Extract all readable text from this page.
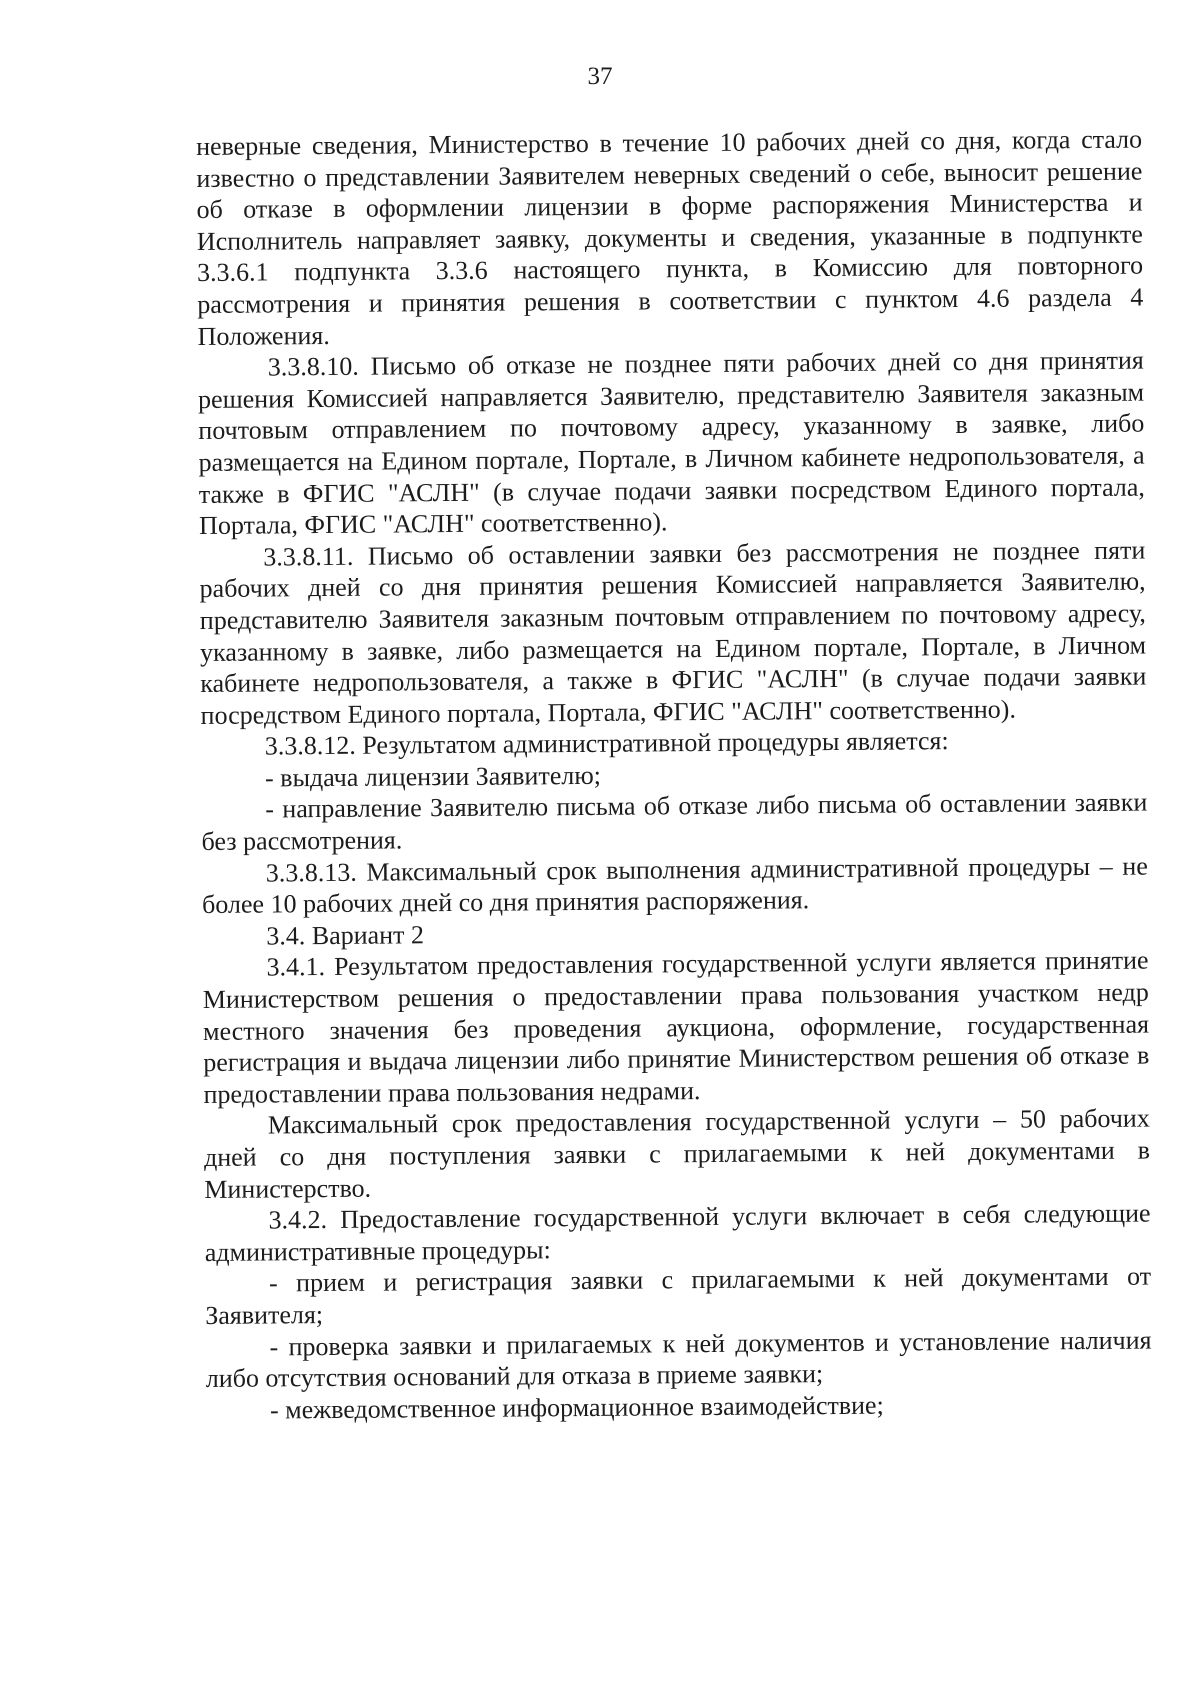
37

неверные сведения, Министерство в течение 10 рабочих дней со дня, когда стало известно о представлении Заявителем неверных сведений о себе, выносит решение об отказе в оформлении лицензии в форме распоряжения Министерства и Исполнитель направляет заявку, документы и сведения, указанные в подпункте 3.3.6.1 подпункта 3.3.6 настоящего пункта, в Комиссию для повторного рассмотрения и принятия решения в соответствии с пунктом 4.6 раздела 4 Положения.

3.3.8.10. Письмо об отказе не позднее пяти рабочих дней со дня принятия решения Комиссией направляется Заявителю, представителю Заявителя заказным почтовым отправлением по почтовому адресу, указанному в заявке, либо размещается на Едином портале, Портале, в Личном кабинете недропользователя, а также в ФГИС "АСЛН" (в случае подачи заявки посредством Единого портала, Портала, ФГИС "АСЛН" соответственно).

3.3.8.11. Письмо об оставлении заявки без рассмотрения не позднее пяти рабочих дней со дня принятия решения Комиссией направляется Заявителю, представителю Заявителя заказным почтовым отправлением по почтовому адресу, указанному в заявке, либо размещается на Едином портале, Портале, в Личном кабинете недропользователя, а также в ФГИС "АСЛН" (в случае подачи заявки посредством Единого портала, Портала, ФГИС "АСЛН" соответственно).

3.3.8.12. Результатом административной процедуры является:

- выдача лицензии Заявителю;

- направление Заявителю письма об отказе либо письма об оставлении заявки без рассмотрения.

3.3.8.13. Максимальный срок выполнения административной процедуры – не более 10 рабочих дней со дня принятия распоряжения.

3.4. Вариант 2

3.4.1. Результатом предоставления государственной услуги является принятие Министерством решения о предоставлении права пользования участком недр местного значения без проведения аукциона, оформление, государственная регистрация и выдача лицензии либо принятие Министерством решения об отказе в предоставлении права пользования недрами.

Максимальный срок предоставления государственной услуги – 50 рабочих дней со дня поступления заявки с прилагаемыми к ней документами в Министерство.

3.4.2. Предоставление государственной услуги включает в себя следующие административные процедуры:

- прием и регистрация заявки с прилагаемыми к ней документами от Заявителя;

- проверка заявки и прилагаемых к ней документов и установление наличия либо отсутствия оснований для отказа в приеме заявки;

- межведомственное информационное взаимодействие;
